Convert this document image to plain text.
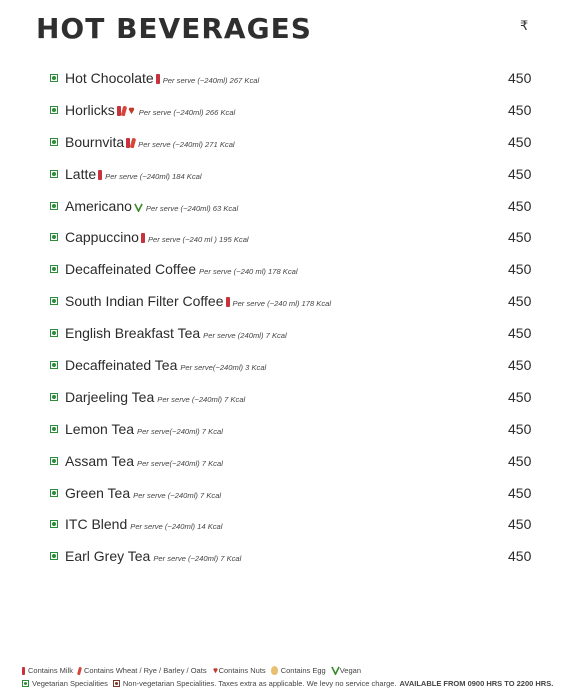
HOT BEVERAGES	₹
Hot Chocolate Per serve (~240ml) 267 Kcal	450
Horlicks	Per serve (~240ml) 266 Kcal	450
Bournvita Per serve (~240ml) 271 Kcal	450
Latte Per serve (~240ml) 184 Kcal	450
Americano Per serve (~240ml) 63 Kcal	450
Cappuccino Per serve (~240 ml ) 195 Kcal	450
Decaffeinated Coffee Per serve (~240 ml) 178 Kcal	450
South Indian Filter Coffee Per serve (~240 ml) 178 Kcal	450
English Breakfast Tea Per serve (240ml) 7 Kcal	450
Decaffeinated Tea Per serve(~240ml) 3 Kcal	450
Darjeeling Tea Per serve (~240ml) 7 Kcal	450
Lemon Tea Per serve(~240ml) 7 Kcal	450
Assam Tea Per serve(~240ml) 7 Kcal	450
Green Tea Per serve (~240ml) 7 Kcal	450
ITC Blend Per serve (~240ml) 14 Kcal	450
Earl Grey Tea Per serve (~240ml) 7 Kcal	450
Contains Milk Contains Wheat / Rye / Barley / Oats Contains Nuts Contains Egg Vegan
Vegetarian Specialities Non-vegetarian Specialities. Taxes extra as applicable. We levy no service charge. AVAILABLE FROM 0900 HRS TO 2200 HRS.
